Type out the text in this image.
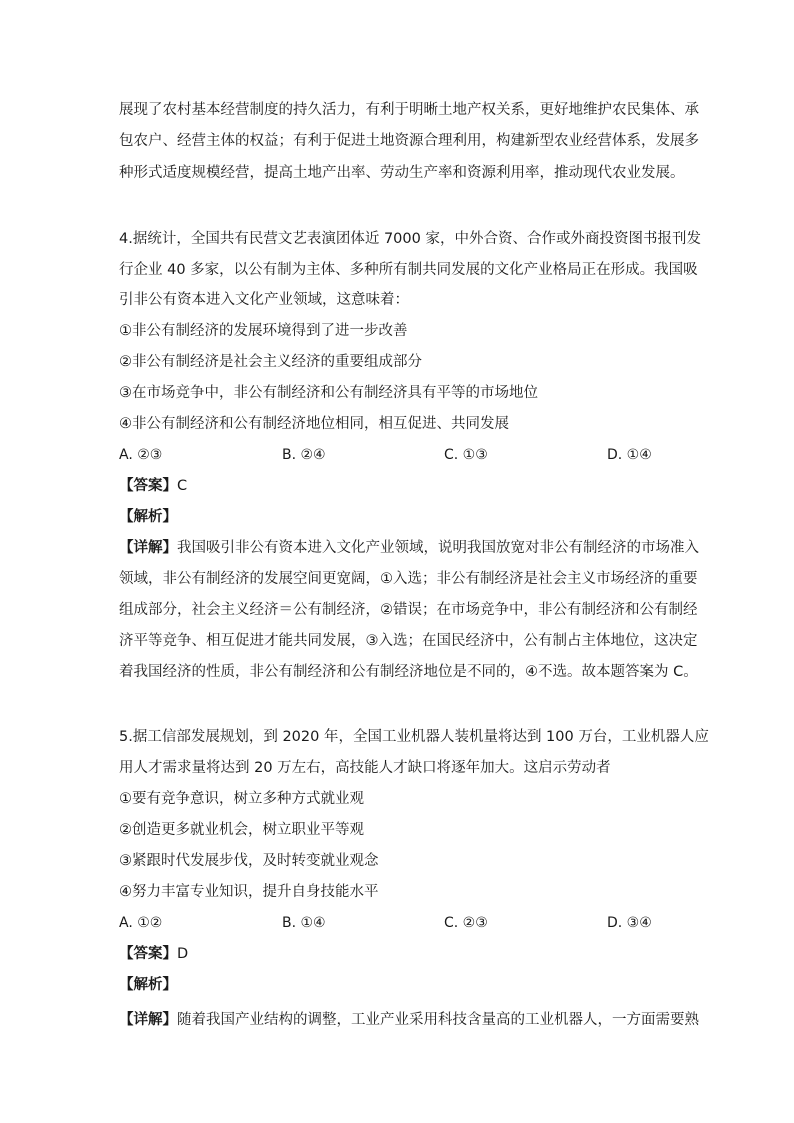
展现了农村基本经营制度的持久活力，有利于明晰土地产权关系，更好地维护农民集体、承
包农户、经营主体的权益；有利于促进土地资源合理利用，构建新型农业经营体系，发展多
种形式适度规模经营，提高土地产出率、劳动生产率和资源利用率，推动现代农业发展。
4.据统计，全国共有民营文艺表演团体近 7000 家，中外合资、合作或外商投资图书报刊发
行企业 40 多家，以公有制为主体、多种所有制共同发展的文化产业格局正在形成。我国吸
引非公有资本进入文化产业领域，这意味着：
①非公有制经济的发展环境得到了进一步改善
②非公有制经济是社会主义经济的重要组成部分
③在市场竞争中，非公有制经济和公有制经济具有平等的市场地位
④非公有制经济和公有制经济地位相同，相互促进、共同发展
A. ②③	B. ②④	C. ①③	D. ①④
【答案】C
【解析】
【详解】我国吸引非公有资本进入文化产业领域，说明我国放宽对非公有制经济的市场准入
领域，非公有制经济的发展空间更宽阔，①入选；非公有制经济是社会主义市场经济的重要
组成部分，社会主义经济＝公有制经济，②错误；在市场竞争中，非公有制经济和公有制经
济平等竞争、相互促进才能共同发展，③入选；在国民经济中，公有制占主体地位，这决定
着我国经济的性质，非公有制经济和公有制经济地位是不同的，④不选。故本题答案为 C。
5.据工信部发展规划，到 2020 年，全国工业机器人装机量将达到 100 万台，工业机器人应
用人才需求量将达到 20 万左右，高技能人才缺口将逐年加大。这启示劳动者
①要有竞争意识，树立多种方式就业观
②创造更多就业机会，树立职业平等观
③紧跟时代发展步伐，及时转变就业观念
④努力丰富专业知识，提升自身技能水平
A. ①②	B. ①④	C. ②③	D. ③④
【答案】D
【解析】
【详解】随着我国产业结构的调整，工业产业采用科技含量高的工业机器人，一方面需要熟
